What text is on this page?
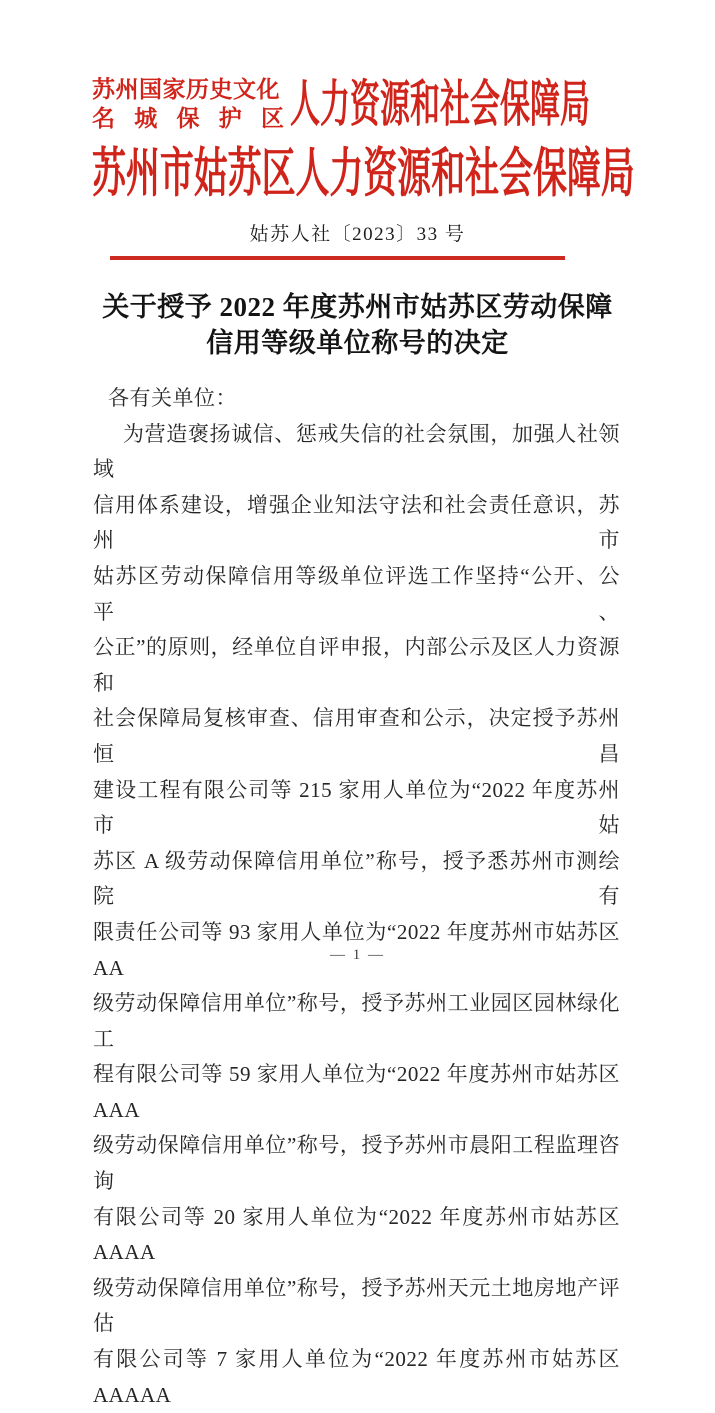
苏州国家历史文化
名城保护区 人力资源和社会保障局
苏州市姑苏区人力资源和社会保障局
姑苏人社〔2023〕33 号
关于授予 2022 年度苏州市姑苏区劳动保障
信用等级单位称号的决定
各有关单位：
为营造褒扬诚信、惩戒失信的社会氛围，加强人社领域
信用体系建设，增强企业知法守法和社会责任意识，苏州市
姑苏区劳动保障信用等级单位评选工作坚持“公开、公平、
公正”的原则，经单位自评申报，内部公示及区人力资源和
社会保障局复核审查、信用审查和公示，决定授予苏州恒昌
建设工程有限公司等 215 家用人单位为“2022 年度苏州市姑
苏区 A 级劳动保障信用单位”称号，授予悉苏州市测绘院有
限责任公司等 93 家用人单位为“2022 年度苏州市姑苏区 AA
级劳动保障信用单位”称号，授予苏州工业园区园林绿化工
程有限公司等 59 家用人单位为“2022 年度苏州市姑苏区 AAA
级劳动保障信用单位”称号，授予苏州市晨阳工程监理咨询
有限公司等 20 家用人单位为“2022 年度苏州市姑苏区 AAAA
级劳动保障信用单位”称号，授予苏州天元土地房地产评估
有限公司等 7 家用人单位为“2022 年度苏州市姑苏区 AAAAA
— 1 —
